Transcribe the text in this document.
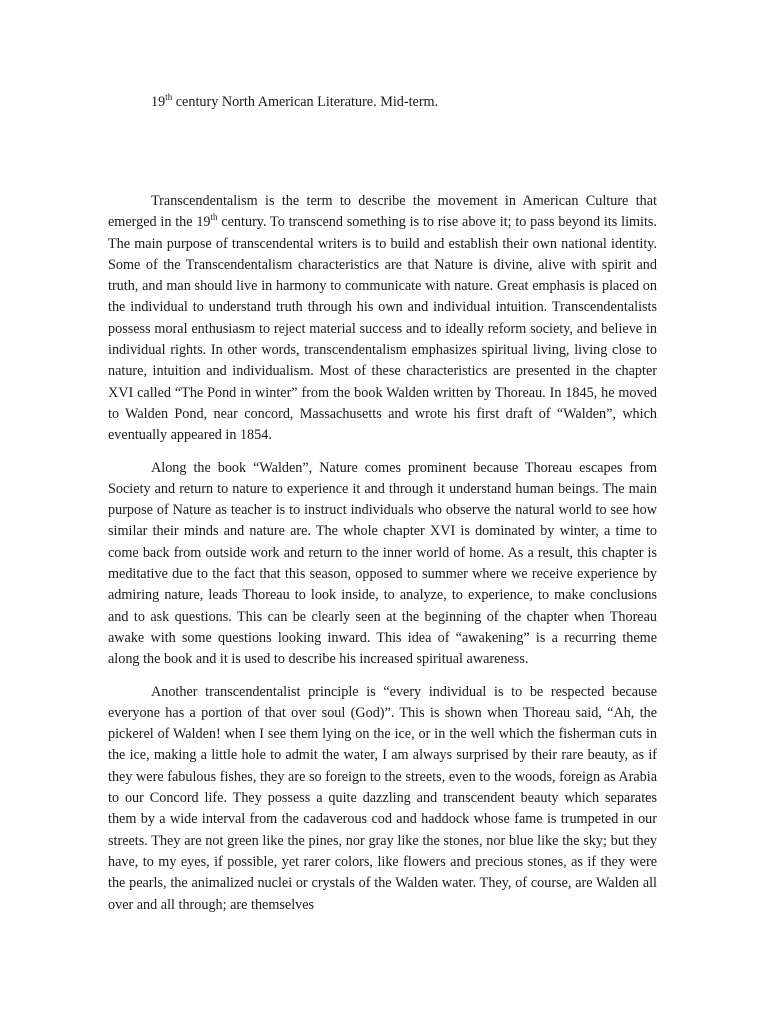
19th century North American Literature. Mid-term.

Transcendentalism is the term to describe the movement in American Culture that emerged in the 19th century. To transcend something is to rise above it; to pass beyond its limits. The main purpose of transcendental writers is to build and establish their own national identity. Some of the Transcendentalism characteristics are that Nature is divine, alive with spirit and truth, and man should live in harmony to communicate with nature. Great emphasis is placed on the individual to understand truth through his own and individual intuition. Transcendentalists possess moral enthusiasm to reject material success and to ideally reform society, and believe in individual rights. In other words, transcendentalism emphasizes spiritual living, living close to nature, intuition and individualism. Most of these characteristics are presented in the chapter XVI called “The Pond in winter” from the book Walden written by Thoreau. In 1845, he moved to Walden Pond, near concord, Massachusetts and wrote his first draft of “Walden”, which eventually appeared in 1854.

Along the book “Walden”, Nature comes prominent because Thoreau escapes from Society and return to nature to experience it and through it understand human beings. The main purpose of Nature as teacher is to instruct individuals who observe the natural world to see how similar their minds and nature are. The whole chapter XVI is dominated by winter, a time to come back from outside work and return to the inner world of home. As a result, this chapter is meditative due to the fact that this season, opposed to summer where we receive experience by admiring nature, leads Thoreau to look inside, to analyze, to experience, to make conclusions and to ask questions. This can be clearly seen at the beginning of the chapter when Thoreau awake with some questions looking inward. This idea of “awakening” is a recurring theme along the book and it is used to describe his increased spiritual awareness.

Another transcendentalist principle is “every individual is to be respected because everyone has a portion of that over soul (God)”. This is shown when Thoreau said, “Ah, the pickerel of Walden! when I see them lying on the ice, or in the well which the fisherman cuts in the ice, making a little hole to admit the water, I am always surprised by their rare beauty, as if they were fabulous fishes, they are so foreign to the streets, even to the woods, foreign as Arabia to our Concord life. They possess a quite dazzling and transcendent beauty which separates them by a wide interval from the cadaverous cod and haddock whose fame is trumpeted in our streets. They are not green like the pines, nor gray like the stones, nor blue like the sky; but they have, to my eyes, if possible, yet rarer colors, like flowers and precious stones, as if they were the pearls, the animalized nuclei or crystals of the Walden water. They, of course, are Walden all over and all through; are themselves
